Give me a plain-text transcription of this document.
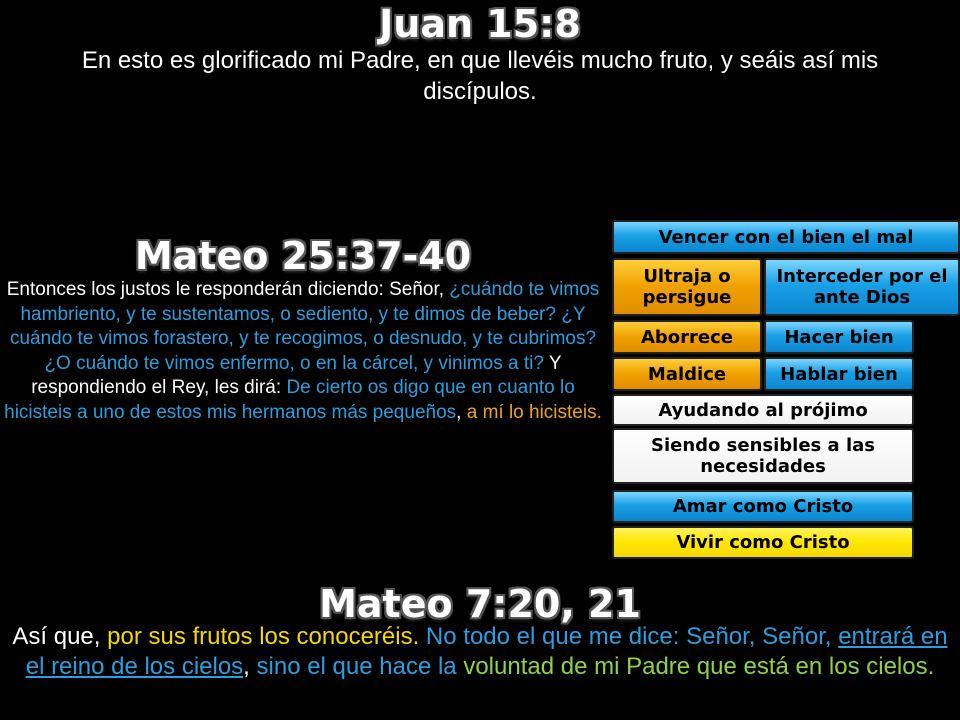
Juan 15:8
En esto es glorificado mi Padre, en que llevéis mucho fruto, y seáis así mis discípulos.
Mateo 25:37-40
Entonces los justos le responderán diciendo: Señor, ¿cuándo te vimos hambriento, y te sustentamos, o sediento, y te dimos de beber? ¿Y cuándo te vimos forastero, y te recogimos, o desnudo, y te cubrimos? ¿O cuándo te vimos enfermo, o en la cárcel, y vinimos a ti? Y respondiendo el Rey, les dirá: De cierto os digo que en cuanto lo hicisteis a uno de estos mis hermanos más pequeños, a mí lo hicisteis.
Vencer con el bien el mal
Ultraja o persigue
Interceder por el ante Dios
Aborrece	Hacer bien
Maldice	Hablar bien
Ayudando al prójimo
Siendo sensibles a las necesidades
Amar como Cristo
Vivir como Cristo
Mateo 7:20, 21
Así que, por sus frutos los conoceréis. No todo el que me dice: Señor, Señor, entrará en el reino de los cielos, sino el que hace la voluntad de mi Padre que está en los cielos.
